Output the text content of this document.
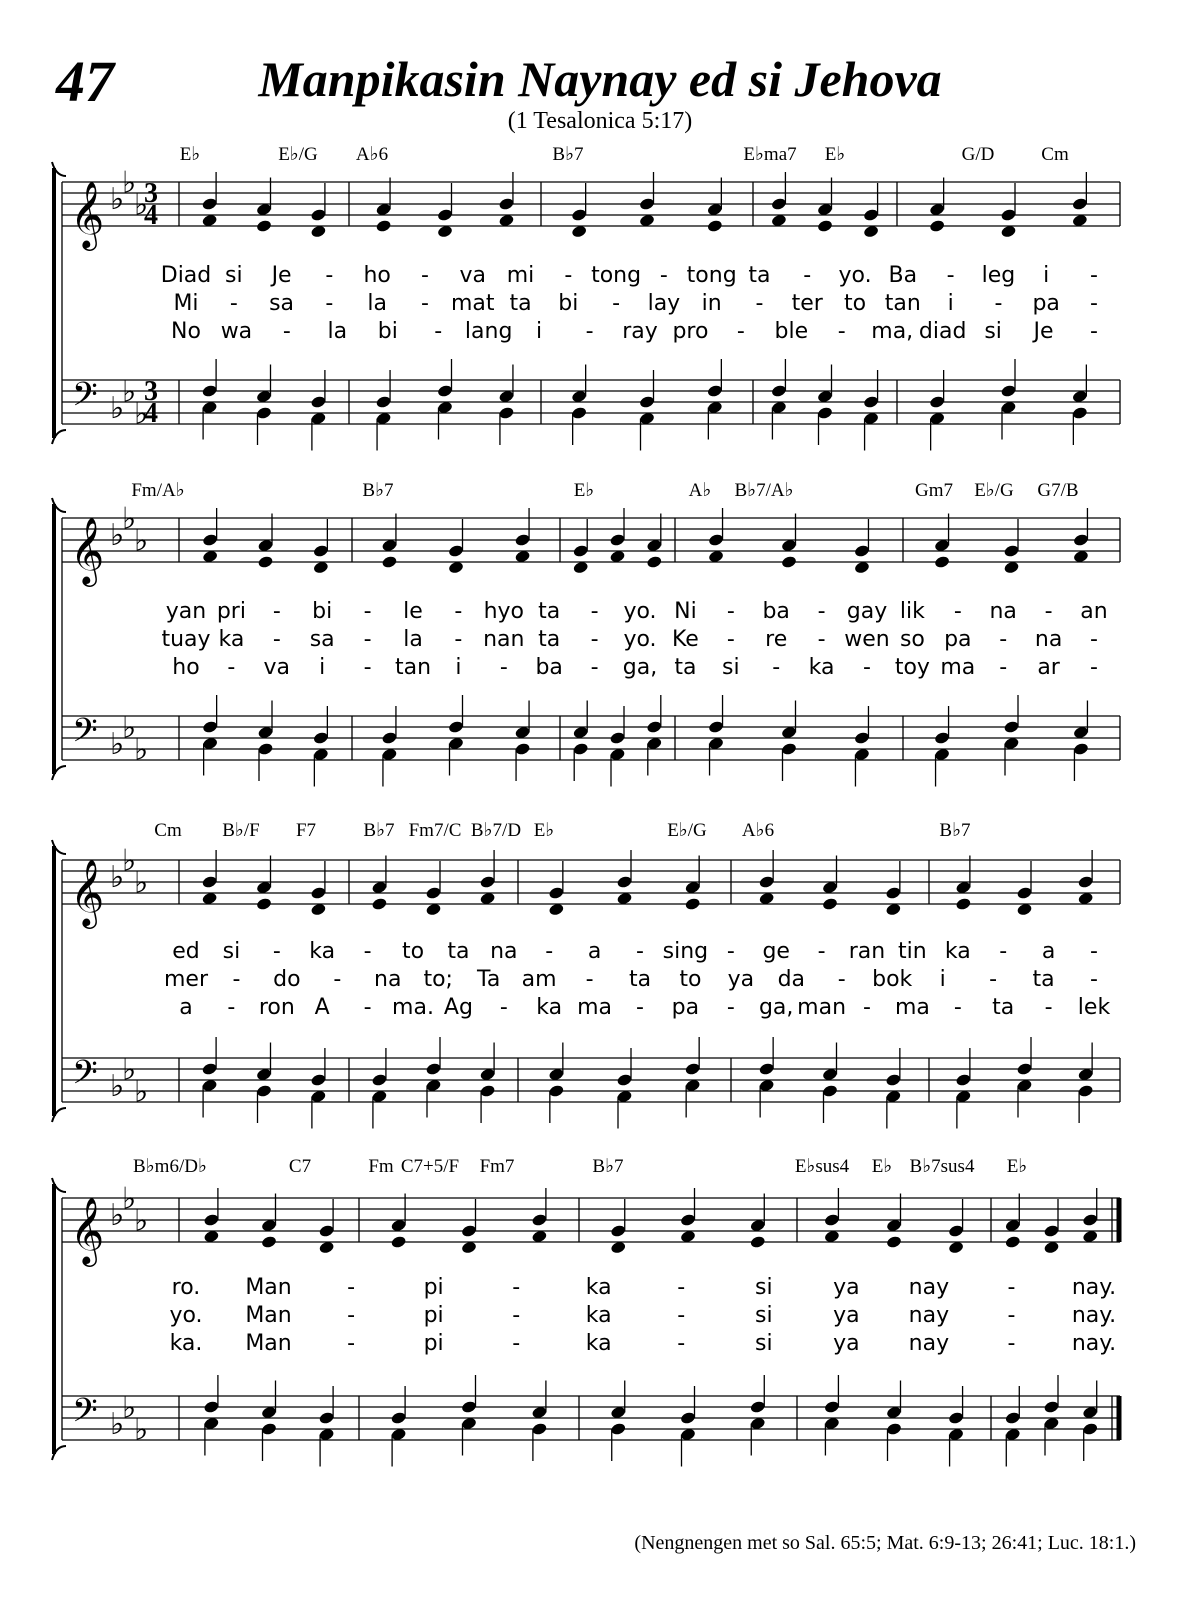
47	Manpikasin Naynay ed si Jehova
(1 Tesalonica 5:17)
𝄞
𝄢
♭
♭
♭
♭
♭
♭
3
4
3
4
E♭	E♭/G A♭6	B♭7	E♭ma7 E♭	G/D Cm
Diad si Je - ho - va mi - tong - tong ta - yo. Ba - leg i -
Mi - sa - la - mat ta bi - lay in - ter to tan i - pa -
No wa - la bi - lang i - ray pro - ble - ma, diad si Je -
𝄞
𝄢
♭
♭
♭
♭
♭
♭
Fm/A♭	B♭7	E♭	A♭ B♭7/A♭	Gm7 E♭/G G7/B
yan pri - bi - le - hyo ta - yo. Ni - ba - gay lik - na - an
tuay ka - sa - la - nan ta - yo. Ke - re - wen so pa - na -
ho - va i - tan i - ba - ga, ta si - ka - toy ma - ar -
𝄞
𝄢
♭
♭
♭
♭
♭
♭
Cm B♭/F F7 B♭7 Fm7/C B♭7/D E♭	E♭/G A♭6	B♭7
ed si - ka - to ta na - a - sing - ge - ran tin ka - a -
mer - do - na to; Ta am - ta to ya da - bok i - ta -
a - ron A - ma. Ag - ka ma - pa - ga, man - ma - ta - lek
𝄞
𝄢
♭
♭
♭
♭
♭
♭
B♭m6/D♭	C7	Fm C7+5/F Fm7	B♭7	E♭sus4 E♭ B♭7sus4 E♭
ro. Man	-	pi	-	ka	-	si	ya nay	-	nay.
yo. Man	-	pi	-	ka	-	si	ya nay	-	nay.
ka. Man	-	pi	-	ka	-	si	ya nay	-	nay.
(Nengnengen met so Sal. 65:5; Mat. 6:9-13; 26:41; Luc. 18:1.)
